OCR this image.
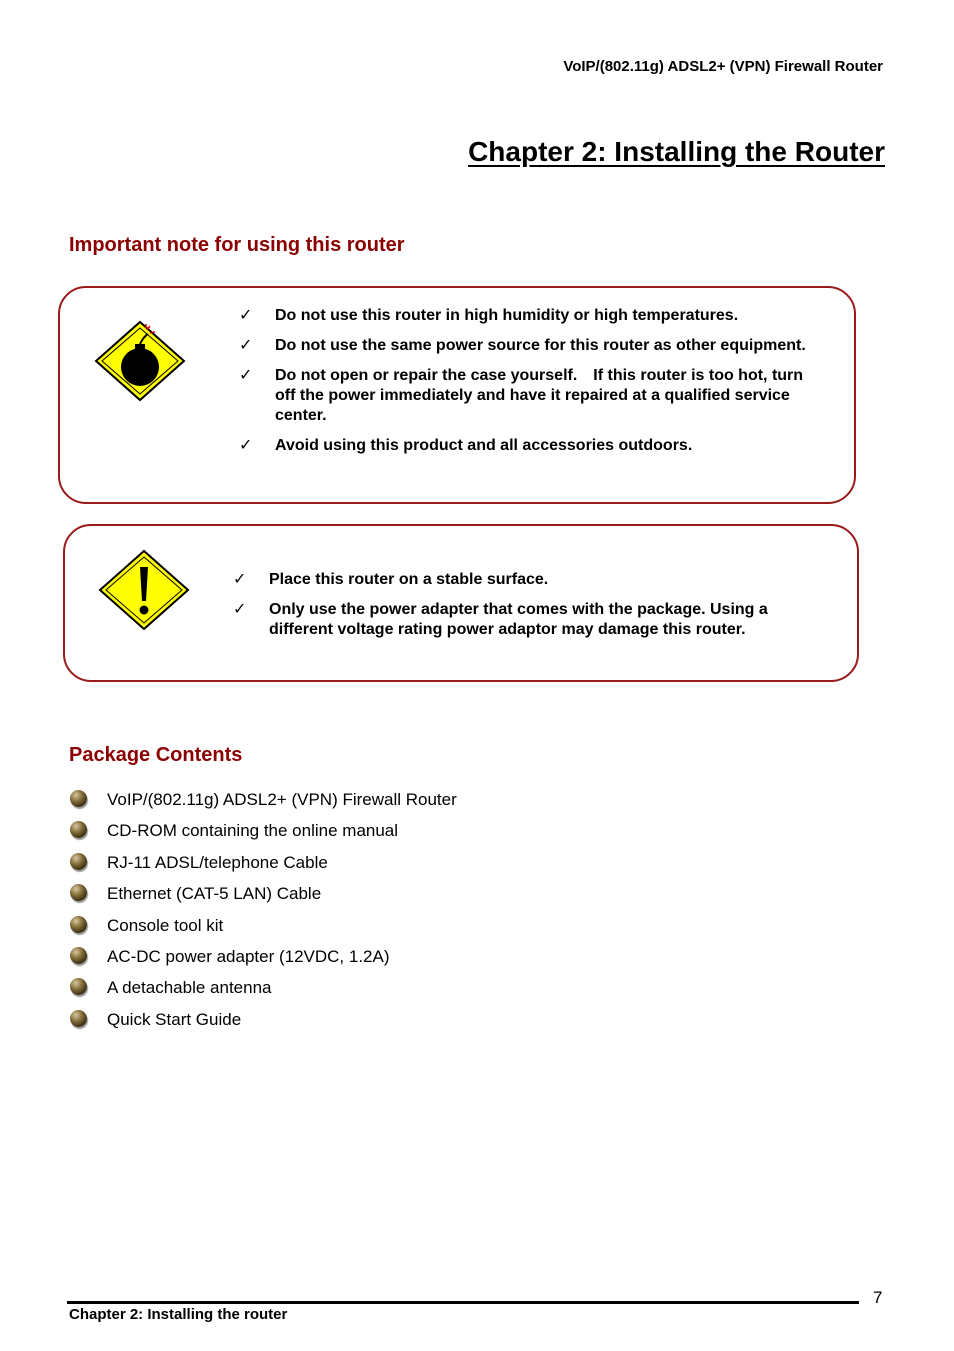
VoIP/(802.11g) ADSL2+ (VPN) Firewall Router
Chapter 2: Installing the Router
Important note for using this router
✓ Do not use this router in high humidity or high temperatures.
✓ Do not use the same power source for this router as other equipment.
✓ Do not open or repair the case yourself. If this router is too hot, turn off the power immediately and have it repaired at a qualified service center.
✓ Avoid using this product and all accessories outdoors.
✓ Place this router on a stable surface.
✓ Only use the power adapter that comes with the package. Using a different voltage rating power adaptor may damage this router.
Package Contents
VoIP/(802.11g) ADSL2+ (VPN) Firewall Router
CD-ROM containing the online manual
RJ-11 ADSL/telephone Cable
Ethernet (CAT-5 LAN) Cable
Console tool kit
AC-DC power adapter (12VDC, 1.2A)
A detachable antenna
Quick Start Guide
7
Chapter 2: Installing the router
